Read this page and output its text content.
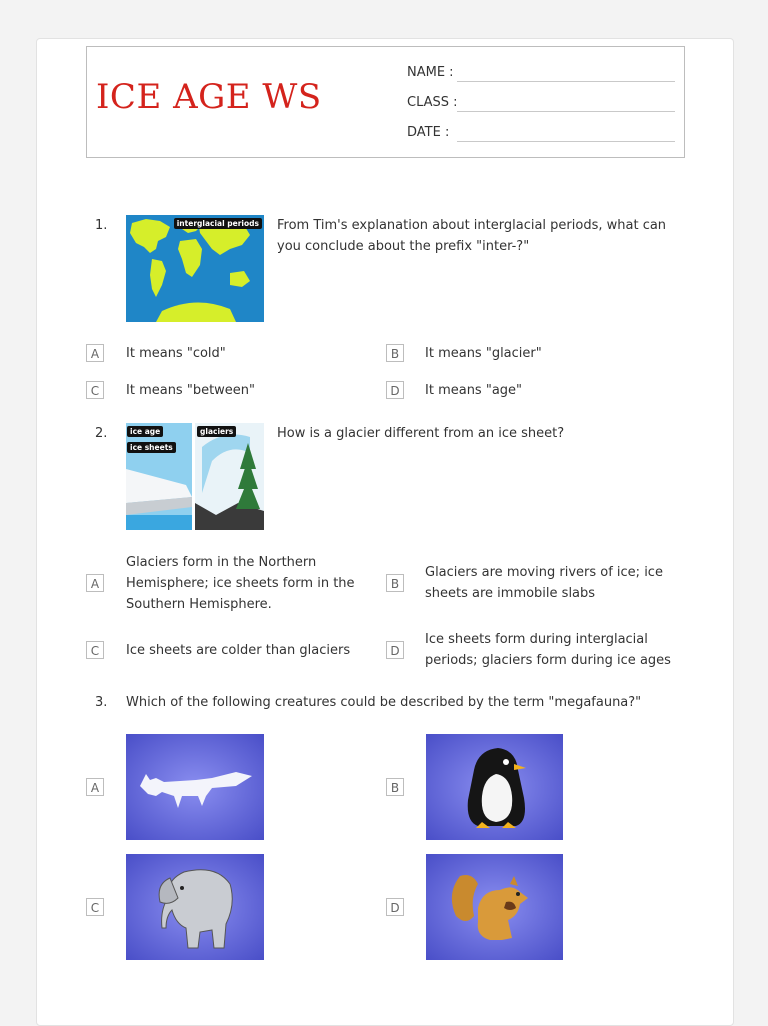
ICE AGE WS
NAME :
CLASS :
DATE :
1.	interglacial periods From Tim's explanation about interglacial periods, what can you conclude about the prefix "inter-?"
A	It means "cold"	B	It means "glacier"
C	It means "between"	D	It means "age"
2.	ice age
ice sheets
glaciers	How is a glacier different from an ice sheet?
A
Glaciers form in the Northern Hemisphere; ice sheets form in the Southern Hemisphere.
B
Glaciers are moving rivers of ice; ice sheets are immobile slabs
C	Ice sheets are colder than glaciers	D
Ice sheets form during interglacial periods; glaciers form during ice ages
3. Which of the following creatures could be described by the term "megafauna?"
A	B
C	D
